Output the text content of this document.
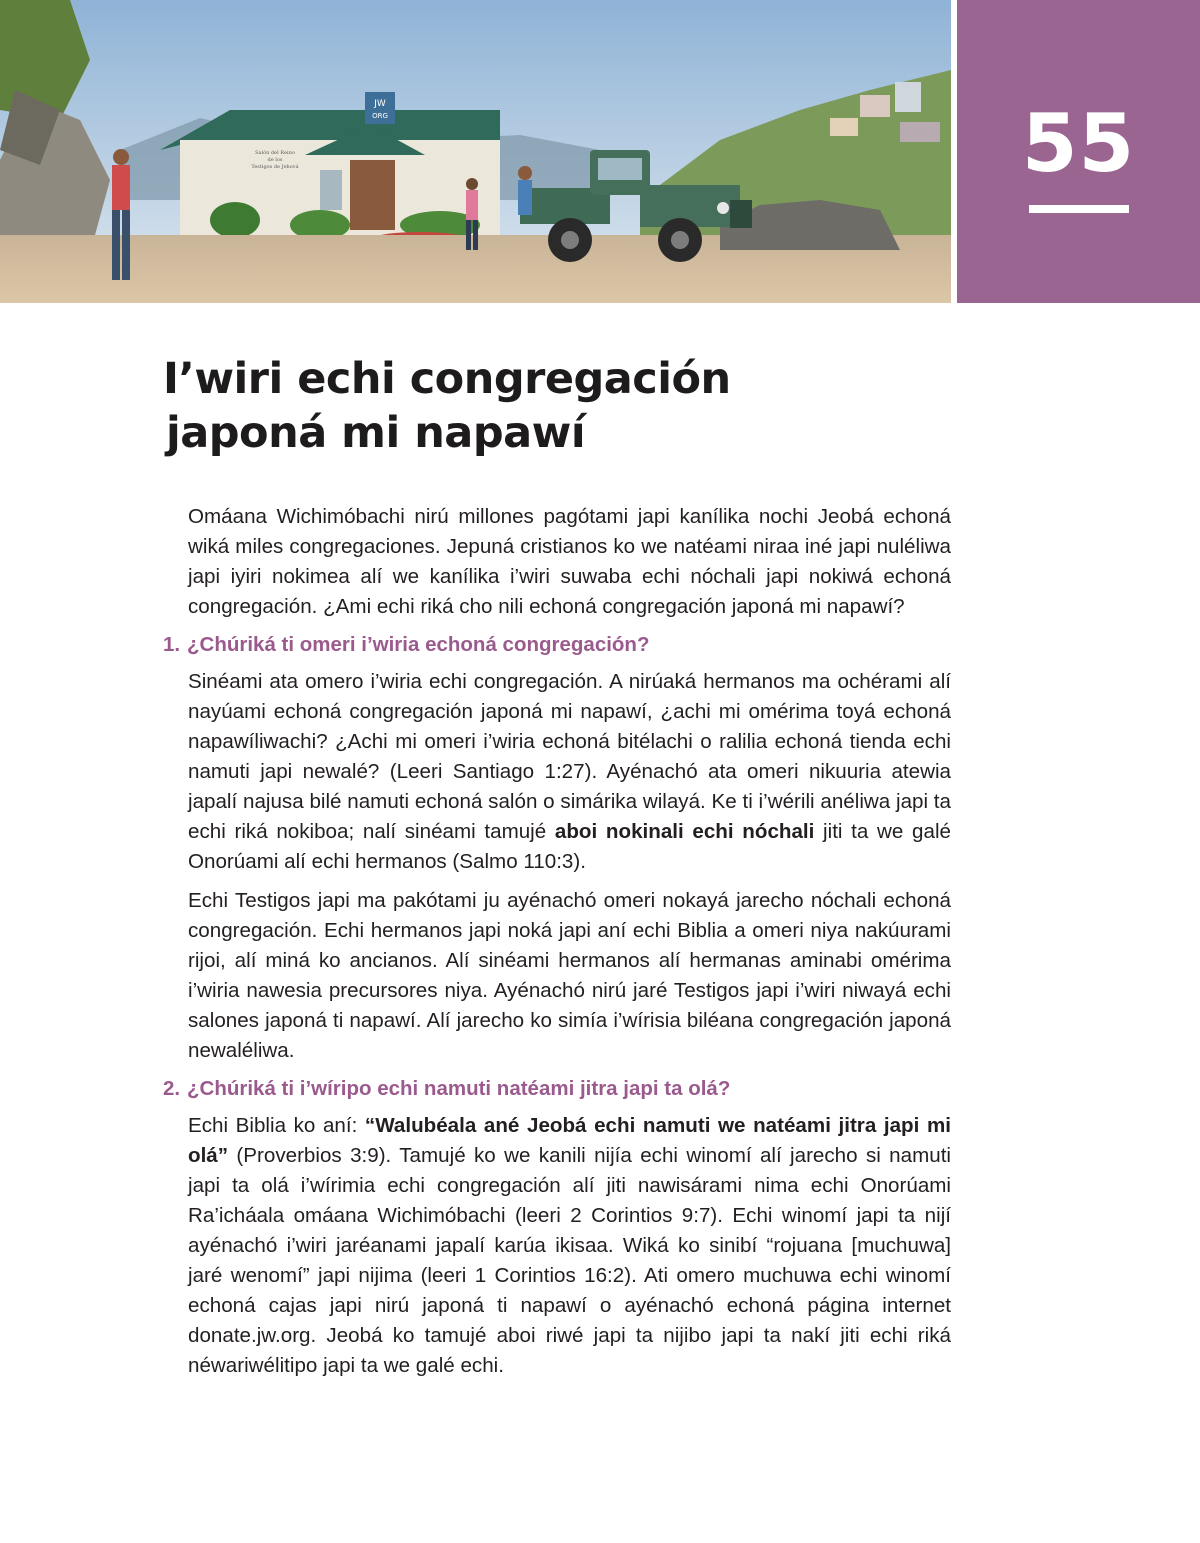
JW
ORG
Salón del Reino
de los
Testigos de Jehová	55
I’wiri echi congregación
japoná mi napawí

Omáana Wichimóbachi nirú millones pagótami japi kanílika nochi Jeobá echoná wiká miles congregaciones. Jepuná cristianos ko we natéami niraa iné japi nuléliwa japi iyiri nokimea alí we kanílika i’wiri suwaba echi nóchali japi nokiwá echoná congregación. ¿Ami echi riká cho nili echoná congregación japoná mi napawí?

1. ¿Chúriká ti omeri i’wiria echoná congregación?

Sinéami ata omero i’wiria echi congregación. A nirúaká hermanos ma ochérami alí nayúami echoná congregación japoná mi napawí, ¿achi mi omérima toyá echoná napawíliwachi? ¿Achi mi omeri i’wiria echoná bitélachi o ralilia echoná tienda echi namuti japi newalé? (Leeri Santiago 1:27). Ayénachó ata omeri nikuuria atewia japalí najusa bilé namuti echoná salón o simárika wilayá. Ke ti i’wérili anéliwa japi ta echi riká nokiboa; nalí sinéami tamujé aboi nokinali echi nóchali jiti ta we galé Onorúami alí echi hermanos (Salmo 110:3).

Echi Testigos japi ma pakótami ju ayénachó omeri nokayá jarecho nóchali echoná congregación. Echi hermanos japi noká japi aní echi Biblia a omeri niya nakúurami rijoi, alí miná ko ancianos. Alí sinéami hermanos alí hermanas aminabi omérima i’wiria nawesia precursores niya. Ayénachó nirú jaré Testigos japi i’wiri niwayá echi salones japoná ti napawí. Alí jarecho ko simía i’wírisia biléana congregación japoná newaléliwa.

2. ¿Chúriká ti i’wíripo echi namuti natéami jitra japi ta olá?

Echi Biblia ko aní: “Walubéala ané Jeobá echi namuti we natéami jitra japi mi olá” (Proverbios 3:9). Tamujé ko we kanili nijía echi winomí alí jarecho si namuti japi ta olá i’wírimia echi congregación alí jiti nawisárami nima echi Onorúami Ra’icháala omáana Wichimóbachi (leeri 2 Corintios 9:7). Echi winomí japi ta nijí ayénachó i’wiri jaréanami japalí karúa ikisaa. Wiká ko sinibí “rojuana [muchuwa] jaré wenomí” japi nijima (leeri 1 Corintios 16:2). Ati omero muchuwa echi winomí echoná cajas japi nirú japoná ti napawí o ayénachó echoná página internet donate.jw.org. Jeobá ko tamujé aboi riwé japi ta nijibo japi ta nakí jiti echi riká néwariwélitipo japi ta we galé echi.
